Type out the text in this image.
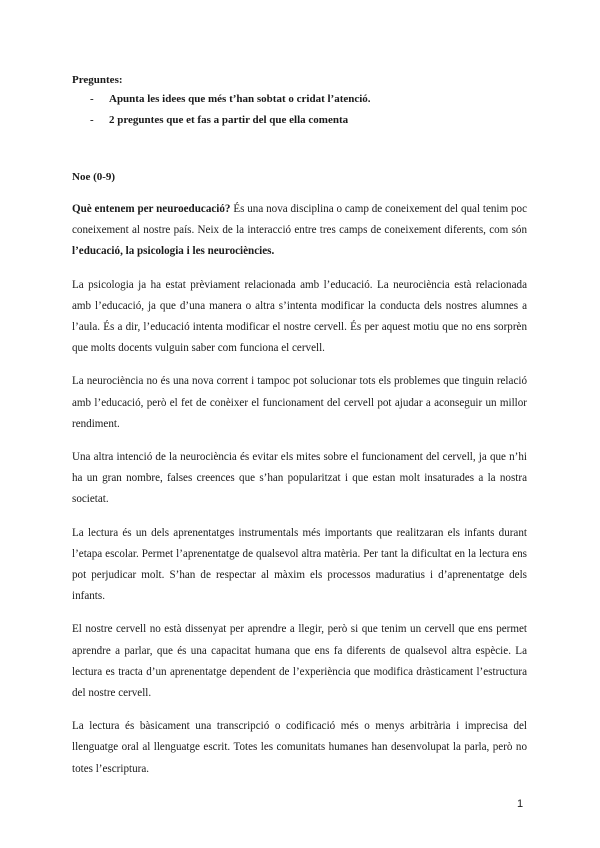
Preguntes:
-	Apunta les idees que més t’han sobtat o cridat l’atenció.
-	2 preguntes que et fas a partir del que ella comenta
Noe (0-9)

Què entenem per neuroeducació? És una nova disciplina o camp de coneixement del qual tenim poc coneixement al nostre país. Neix de la interacció entre tres camps de coneixement diferents, com són l’educació, la psicologia i les neurociències.

La psicologia ja ha estat prèviament relacionada amb l’educació. La neurociència està relacionada amb l’educació, ja que d’una manera o altra s’intenta modificar la conducta dels nostres alumnes a l’aula. És a dir, l’educació intenta modificar el nostre cervell. És per aquest motiu que no ens sorprèn que molts docents vulguin saber com funciona el cervell.

La neurociència no és una nova corrent i tampoc pot solucionar tots els problemes que tinguin relació amb l’educació, però el fet de conèixer el funcionament del cervell pot ajudar a aconseguir un millor rendiment.

Una altra intenció de la neurociència és evitar els mites sobre el funcionament del cervell, ja que n’hi ha un gran nombre, falses creences que s’han popularitzat i que estan molt insaturades a la nostra societat.

La lectura és un dels aprenentatges instrumentals més importants que realitzaran els infants durant l’etapa escolar. Permet l’aprenentatge de qualsevol altra matèria. Per tant la dificultat en la lectura ens pot perjudicar molt. S’han de respectar al màxim els processos maduratius i d’aprenentatge dels infants.

El nostre cervell no està dissenyat per aprendre a llegir, però si que tenim un cervell que ens permet aprendre a parlar, que és una capacitat humana que ens fa diferents de qualsevol altra espècie. La lectura es tracta d’un aprenentatge dependent de l’experiència que modifica dràsticament l’estructura del nostre cervell.

La lectura és bàsicament una transcripció o codificació més o menys arbitrària i imprecisa del llenguatge oral al llenguatge escrit. Totes les comunitats humanes han desenvolupat la parla, però no totes l’escriptura.

1
